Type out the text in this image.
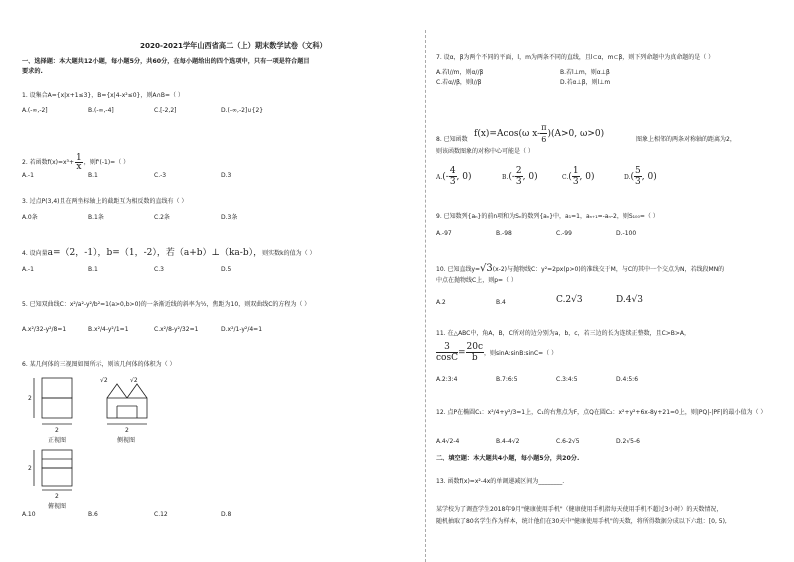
2020-2021学年山西省高二（上）期末数学试卷（文科）
一、选择题：本大题共12小题，每小题5分，共60分，在每小题给出的四个选项中，只有一项是符合题目
要求的.
1. 设集合A={x|x+1≤3}，B={x|4-x²≤0}，则A∩B=（ ）
A.(-∞,-2]	B.(-∞,-4]	C.[-2,2]	D.(-∞,-2]∪{2}
2. 若函数$f(x)=x^3+ \frac{1}{x}$ ，则f'(-1)=（ ）
A.-1	B.1	C.-3	D.3
3. 过点P(3,4)且在两坐标轴上的截距互为相反数的直线有（ ）
A.0条	B.1条	C.2条	D.3条
4. 设向量a=（2，-1），b=（1，-2），若（a+b）⊥（ka-b），则实数k的值为（ ）
A.-1	B.1	C.3	D.5
5. 已知双曲线C：x²/a²-y²/b²=1(a>0,b>0)的一条渐近线的斜率为½，焦距为10，则双曲线C的方程为（ ）
A.x²/32-y²/8=1	B.x²/4-y²/1=1	C.x²/8-y²/32=1	D.x²/1-y²/4=1
6. 某几何体的三视图如图所示，则该几何体的体积为（ ）
2
2
正视图
√2	√2
2
侧视图
2
2
俯视图
A.10	B.6	C.12	D.8
7. 设α，β为两个不同的平面，l，m为两条不同的直线，且l⊂α，m⊂β，则下列命题中为真命题的是（ ）
A.若l//m，则α//β	B.若l⊥m，则α⊥β
C.若α//β，则l//β	D.若α⊥β，则l⊥m
8. 已知函数
f(x)=Acos(ω $x- \frac{\pi}{6} )(A>0$, ω>0)
图象上相邻的两条对称轴的距离为2，
则该函数图象的对称中心可能是（ ）
$A.(- \frac{4}{3}$ , 0)	$B.(- \frac{2}{3}$ , 0)	$C.( \frac{1}{3}$ , 0)	$D.( \frac{5}{3}$ , 0)
9. 已知数列{aₙ}的前n项和为Sₙ的数列{aₙ}中，a₁=1，aₙ₊₁=-aₙ-2，则S₁₀₀=（ ）
A.-97	B.-98	C.-99	D.-100
10. 已知直线y=√3(x-2)与抛物线C：y²=2px(p>0)的准线交于M，与C的其中一个交点为N，若线段MN的
中点在抛物线C上，则p=（ ）
A.2	B.4	C.2√3	D.4√3
11. 在△ABC中，角A，B，C所对的边分别为a，b，c，若三边的长为连续正整数，且C>B>A，
$\frac{3}{\cos C} = \frac{20c}{b}$ ，则sinA:sinB:sinC=（ ）
A.2:3:4	B.7:6:5	C.3:4:5	D.4:5:6
12. 点P在椭圆C₁：x²/4+y²/3=1上，C₁的右焦点为F，点Q在圆C₂：x²+y²+6x-8y+21=0上，则|PQ|-|PF|的最小值为（ ）
A.4√2-4	B.4-4√2	C.6-2√5	D.2√5-6
二、填空题：本大题共4小题，每小题5分，共20分.
13. 函数f(x)=x²-4x的单调递减区间为________.
某学校为了调查学生2018年9月"健康使用手机"（健康使用手机指每天使用手机不超过3小时）的天数情况，
随机抽取了80名学生作为样本，统计他们在30天中"健康使用手机"的天数，将所得数据分成以下六组：[0, 5),
